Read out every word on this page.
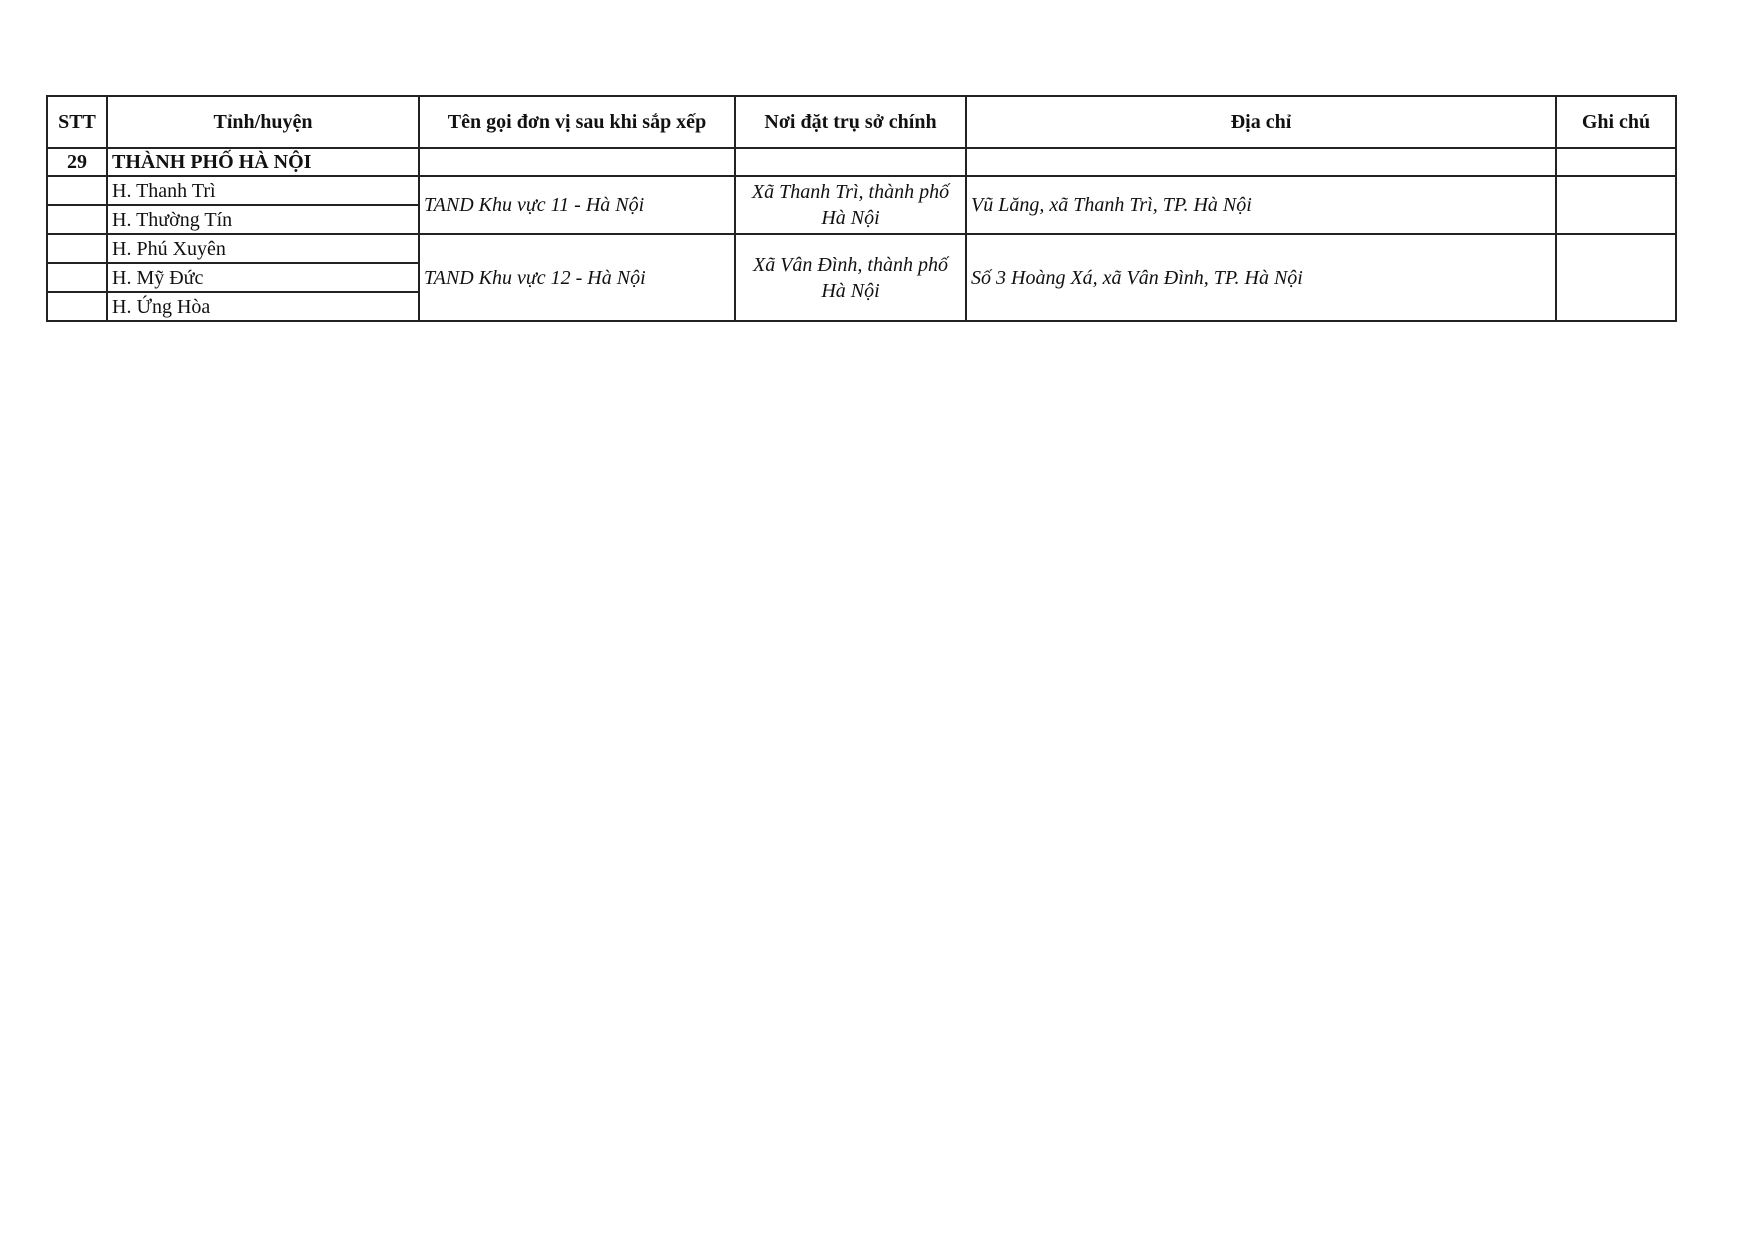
STT	Tỉnh/huyện	Tên gọi đơn vị sau khi sắp xếp	Nơi đặt trụ sở chính	Địa chỉ	Ghi chú
29	THÀNH PHỐ HÀ NỘI				
	H. Thanh Trì	TAND Khu vực 11 - Hà Nội	Xã Thanh Trì, thành phố Hà Nội	Vũ Lăng, xã Thanh Trì, TP. Hà Nội	
	H. Thường Tín				
	H. Phú Xuyên	TAND Khu vực 12 - Hà Nội	Xã Vân Đình, thành phố Hà Nội	Số 3 Hoàng Xá, xã Vân Đình, TP. Hà Nội	
	H. Mỹ Đức				
	H. Ứng Hòa				
